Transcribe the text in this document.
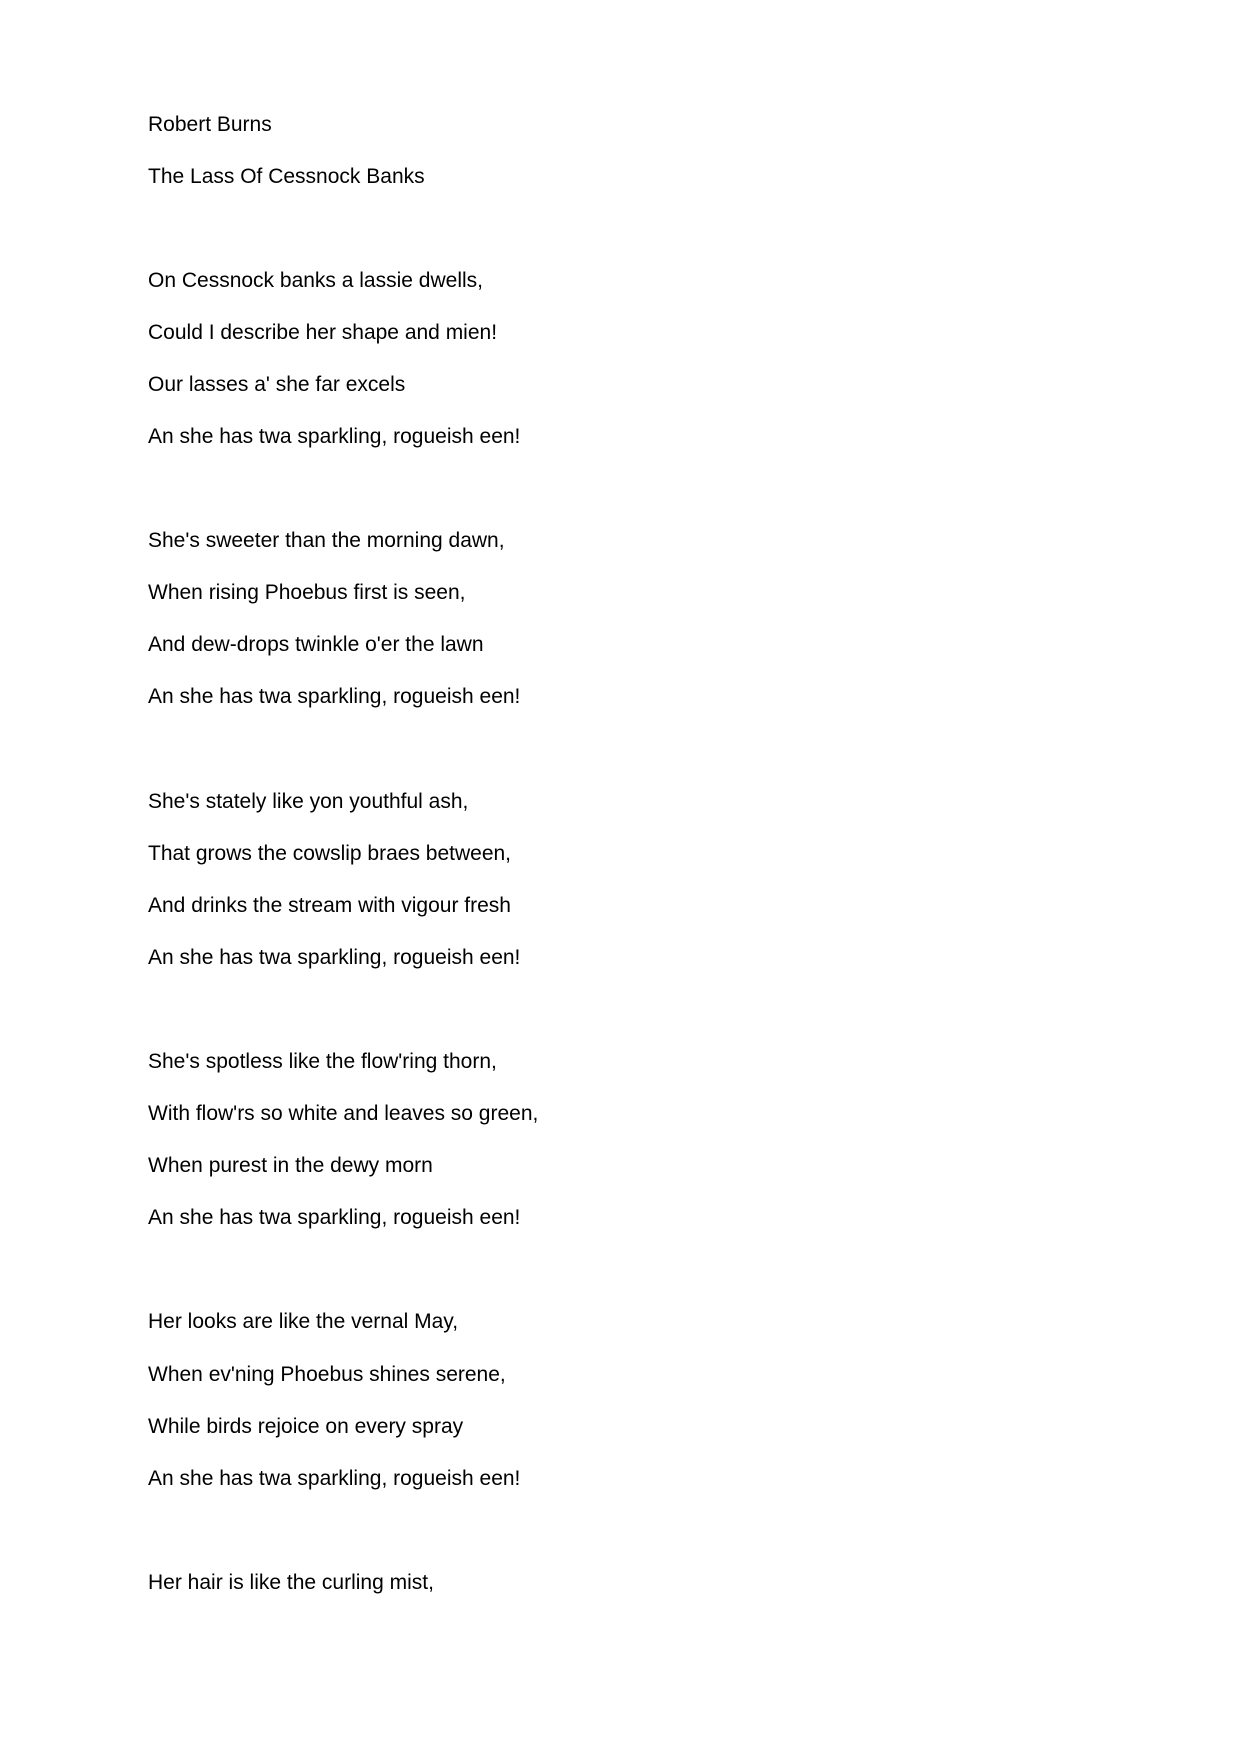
Robert Burns

The Lass Of Cessnock Banks

On Cessnock banks a lassie dwells,

Could I describe her shape and mien!

Our lasses a' she far excels

An she has twa sparkling, rogueish een!

She's sweeter than the morning dawn,

When rising Phoebus first is seen,

And dew-drops twinkle o'er the lawn

An she has twa sparkling, rogueish een!

She's stately like yon youthful ash,

That grows the cowslip braes between,

And drinks the stream with vigour fresh

An she has twa sparkling, rogueish een!

She's spotless like the flow'ring thorn,

With flow'rs so white and leaves so green,

When purest in the dewy morn

An she has twa sparkling, rogueish een!

Her looks are like the vernal May,

When ev'ning Phoebus shines serene,

While birds rejoice on every spray

An she has twa sparkling, rogueish een!

Her hair is like the curling mist,
